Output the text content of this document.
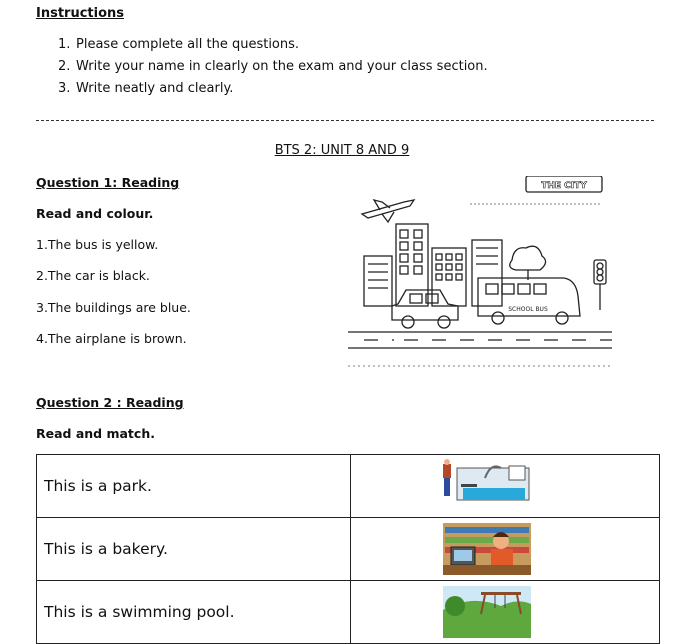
Instructions
1. Please complete all the questions.
2. Write your name in clearly on the exam and your class section.
3. Write neatly and clearly.
BTS 2: UNIT 8 AND 9
Question 1: Reading
Read and colour.
1.The bus is yellow.
2.The car is black.
3.The buildings are blue.
4.The airplane is brown.
THE CITY
SCHOOL BUS
Question 2 : Reading
Read and match.
This is a park.	

This is a bakery.	

This is a swimming pool.	
